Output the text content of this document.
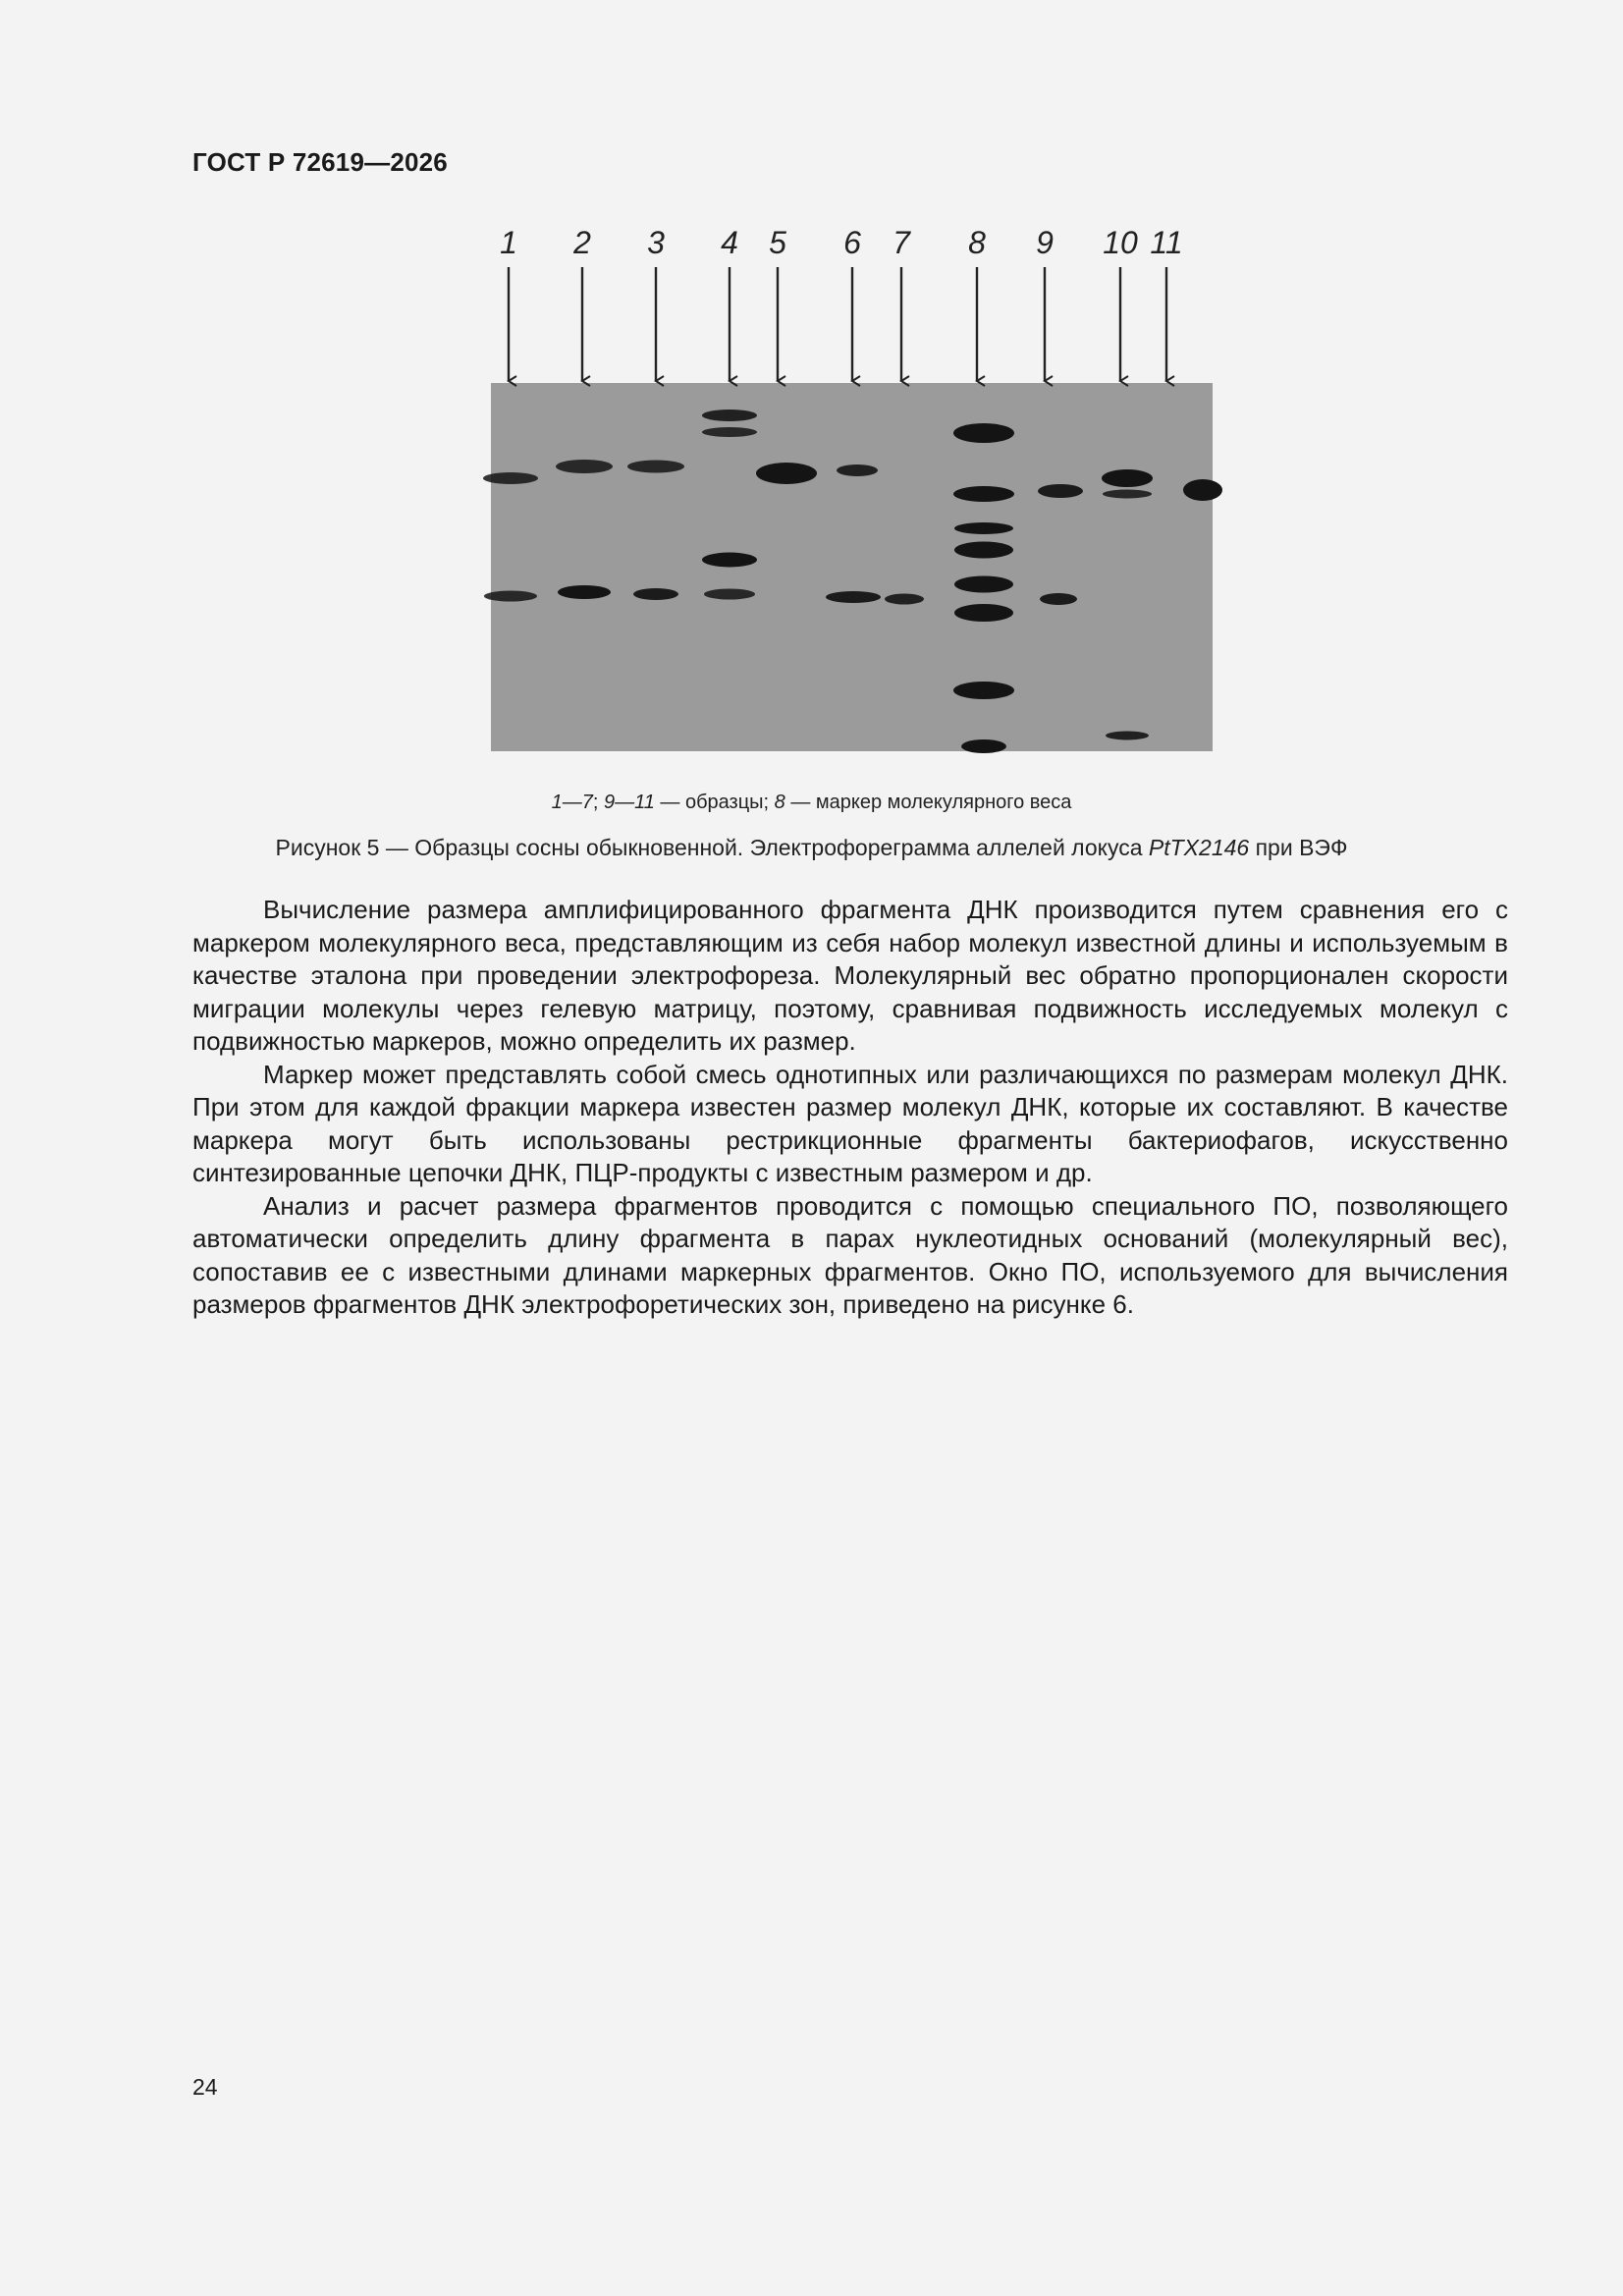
ГОСТ Р 72619—2026
1 2 3 4 5 6 7 8 9 10 11
1—7; 9—11 — образцы; 8 — маркер молекулярного веса
Рисунок 5 — Образцы сосны обыкновенной. Электрофореграмма аллелей локуса PtTX2146 при ВЭФ

Вычисление размера амплифицированного фрагмента ДНК производится путем сравнения его с маркером молекулярного веса, представляющим из себя набор молекул известной длины и используемым в качестве эталона при проведении электрофореза. Молекулярный вес обратно пропорционален скорости миграции молекулы через гелевую матрицу, поэтому, сравнивая подвижность исследуемых молекул с подвижностью маркеров, можно определить их размер.

Маркер может представлять собой смесь однотипных или различающихся по размерам молекул ДНК. При этом для каждой фракции маркера известен размер молекул ДНК, которые их составляют. В качестве маркера могут быть использованы рестрикционные фрагменты бактериофагов, искусственно синтезированные цепочки ДНК, ПЦР-продукты с известным размером и др.

Анализ и расчет размера фрагментов проводится с помощью специального ПО, позволяющего автоматически определить длину фрагмента в парах нуклеотидных оснований (молекулярный вес), сопоставив ее с известными длинами маркерных фрагментов. Окно ПО, используемого для вычисления размеров фрагментов ДНК электрофоретических зон, приведено на рисунке 6.

24
